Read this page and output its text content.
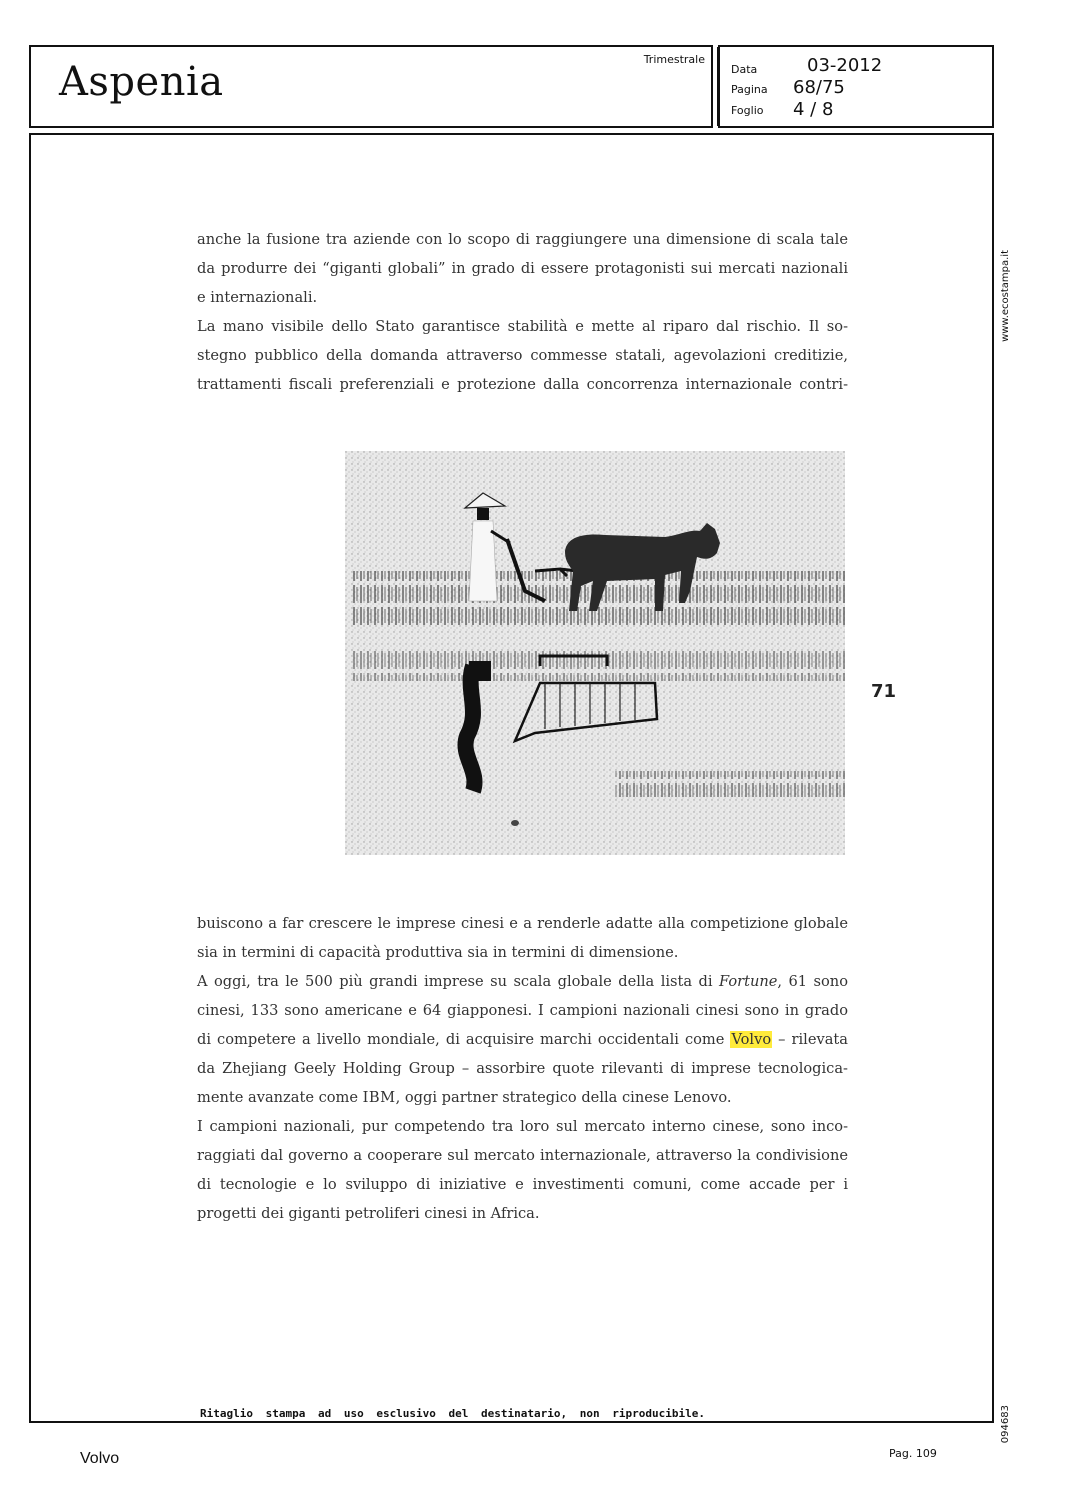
Aspenia	Trimestrale
Data	03-2012
Pagina	68/75
Foglio	4 / 8
www.ecostampa.it
094683
anche la fusione tra aziende con lo scopo di raggiungere una dimensione di scala tale
da produrre dei “giganti globali” in grado di essere protagonisti sui mercati nazionali
e internazionali.
La mano visibile dello Stato garantisce stabilità e mette al riparo dal rischio. Il so-
stegno pubblico della domanda attraverso commesse statali, agevolazioni creditizie,
trattamenti fiscali preferenziali e protezione dalla concorrenza internazionale contri-
71
buiscono a far crescere le imprese cinesi e a renderle adatte alla competizione globale
sia in termini di capacità produttiva sia in termini di dimensione.
A oggi, tra le 500 più grandi imprese su scala globale della lista di Fortune, 61 sono
cinesi, 133 sono americane e 64 giapponesi. I campioni nazionali cinesi sono in grado
di competere a livello mondiale, di acquisire marchi occidentali come Volvo – rilevata
da Zhejiang Geely Holding Group – assorbire quote rilevanti di imprese tecnologica-
mente avanzate come IBM, oggi partner strategico della cinese Lenovo.
I campioni nazionali, pur competendo tra loro sul mercato interno cinese, sono inco-
raggiati dal governo a cooperare sul mercato internazionale, attraverso la condivisione
di tecnologie e lo sviluppo di iniziative e investimenti comuni, come accade per i
progetti dei giganti petroliferi cinesi in Africa.
Ritaglio stampa ad uso esclusivo del destinatario, non riproducibile.
Volvo	Pag. 109
